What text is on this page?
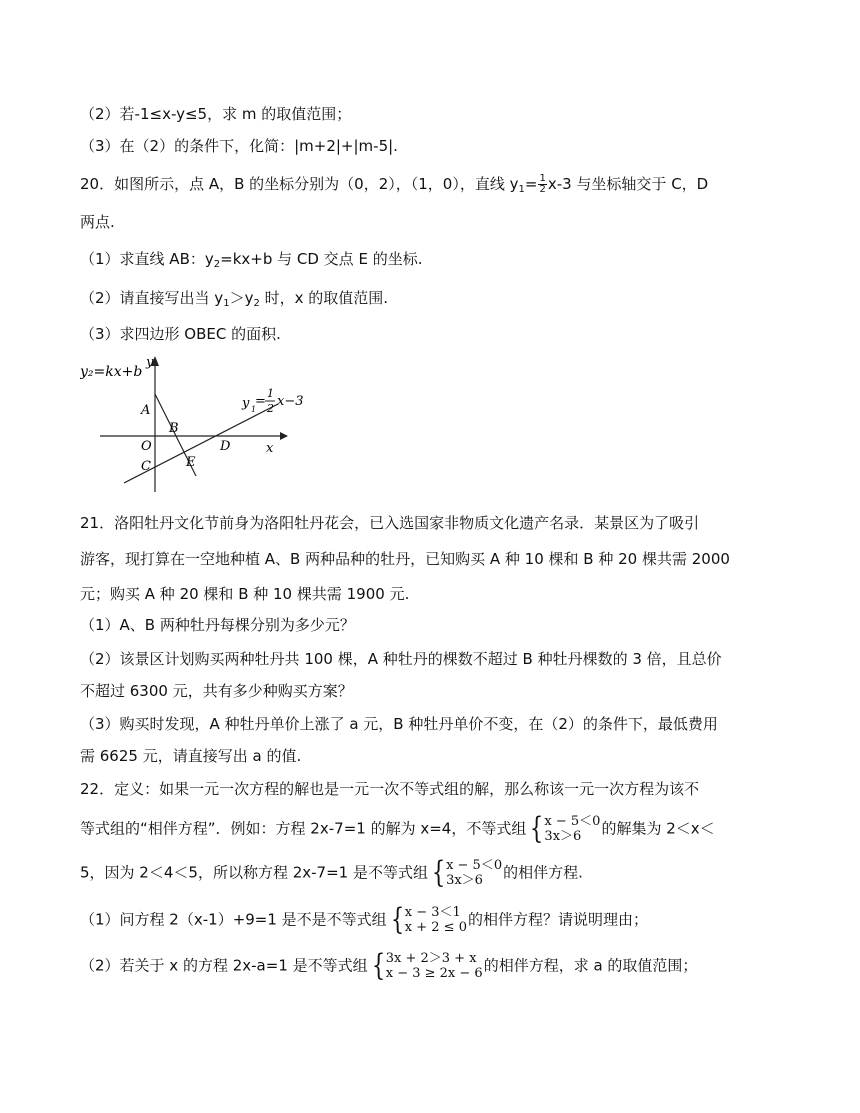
（2）若-1≤x-y≤5，求 m 的取值范围；
（3）在（2）的条件下，化简：|m+2|+|m-5|.
20．如图所示，点 A，B 的坐标分别为（0，2），（1，0），直线 $y_1= \frac{1}{2} x-3$ 与坐标轴交于 C，D
两点.
（1）求直线 AB：$y_2=kx+b$ 与 CD 交点 E 的坐标.
（2）请直接写出当 $y_1>y_2$ 时，x 的取值范围.
（3）求四边形 OBEC 的面积.
y₂=kx+b
y
x
A
B
O
C
D
E
y 1
=
1
2 x−3
21．洛阳牡丹文化节前身为洛阳牡丹花会，已入选国家非物质文化遗产名录．某景区为了吸引
游客，现打算在一空地种植 A、B 两种品种的牡丹，已知购买 A 种 10 棵和 B 种 20 棵共需 2000
元；购买 A 种 20 棵和 B 种 10 棵共需 1900 元.
（1）A、B 两种牡丹每棵分别为多少元？
（2）该景区计划购买两种牡丹共 100 棵，A 种牡丹的棵数不超过 B 种牡丹棵数的 3 倍，且总价
不超过 6300 元，共有多少种购买方案？
（3）购买时发现，A 种牡丹单价上涨了 a 元，B 种牡丹单价不变，在（2）的条件下，最低费用
需 6625 元，请直接写出 a 的值.
22．定义：如果一元一次方程的解也是一元一次不等式组的解，那么称该一元一次方程为该不
等式组的“相伴方程”．例如：方程 2x-7=1 的解为 x=4，不等式组 { x − 5＜0
3x＞6	的解集为 2＜x＜
5，因为 2＜4＜5，所以称方程 2x-7=1 是不等式组 { x − 5＜0
3x＞6	的相伴方程.
（1）问方程 2（x-1）+9=1 是不是不等式组 { x − 3＜1
x + 2 ≤ 0 的相伴方程？请说明理由；
（2）若关于 x 的方程 2x-a=1 是不等式组 { 3x + 2＞3 + x
x − 3 ≥ 2x − 6 的相伴方程，求 a 的取值范围；
